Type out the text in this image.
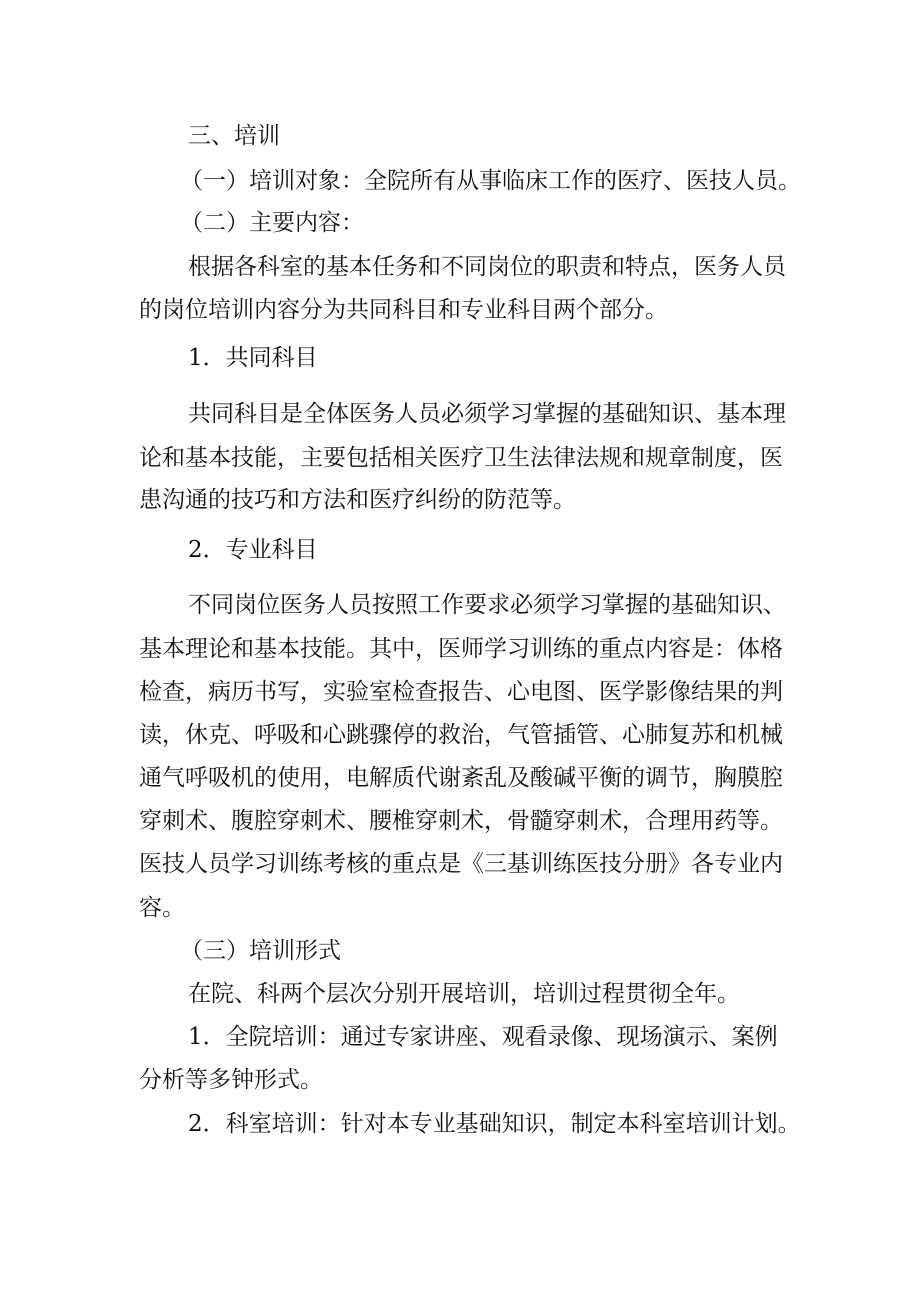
三、培训
（一）培训对象：全院所有从事临床工作的医疗、医技人员。
（二）主要内容：
根据各科室的基本任务和不同岗位的职责和特点，医务人员
的岗位培训内容分为共同科目和专业科目两个部分。
1．共同科目
共同科目是全体医务人员必须学习掌握的基础知识、基本理
论和基本技能，主要包括相关医疗卫生法律法规和规章制度，医
患沟通的技巧和方法和医疗纠纷的防范等。
2．专业科目
不同岗位医务人员按照工作要求必须学习掌握的基础知识、
基本理论和基本技能。其中，医师学习训练的重点内容是：体格
检查，病历书写，实验室检查报告、心电图、医学影像结果的判
读，休克、呼吸和心跳骤停的救治，气管插管、心肺复苏和机械
通气呼吸机的使用，电解质代谢紊乱及酸碱平衡的调节，胸膜腔
穿刺术、腹腔穿刺术、腰椎穿刺术，骨髓穿刺术，合理用药等。
医技人员学习训练考核的重点是《三基训练医技分册》各专业内
容。
（三）培训形式
在院、科两个层次分别开展培训，培训过程贯彻全年。
1．全院培训：通过专家讲座、观看录像、现场演示、案例
分析等多钟形式。
2．科室培训：针对本专业基础知识，制定本科室培训计划。
